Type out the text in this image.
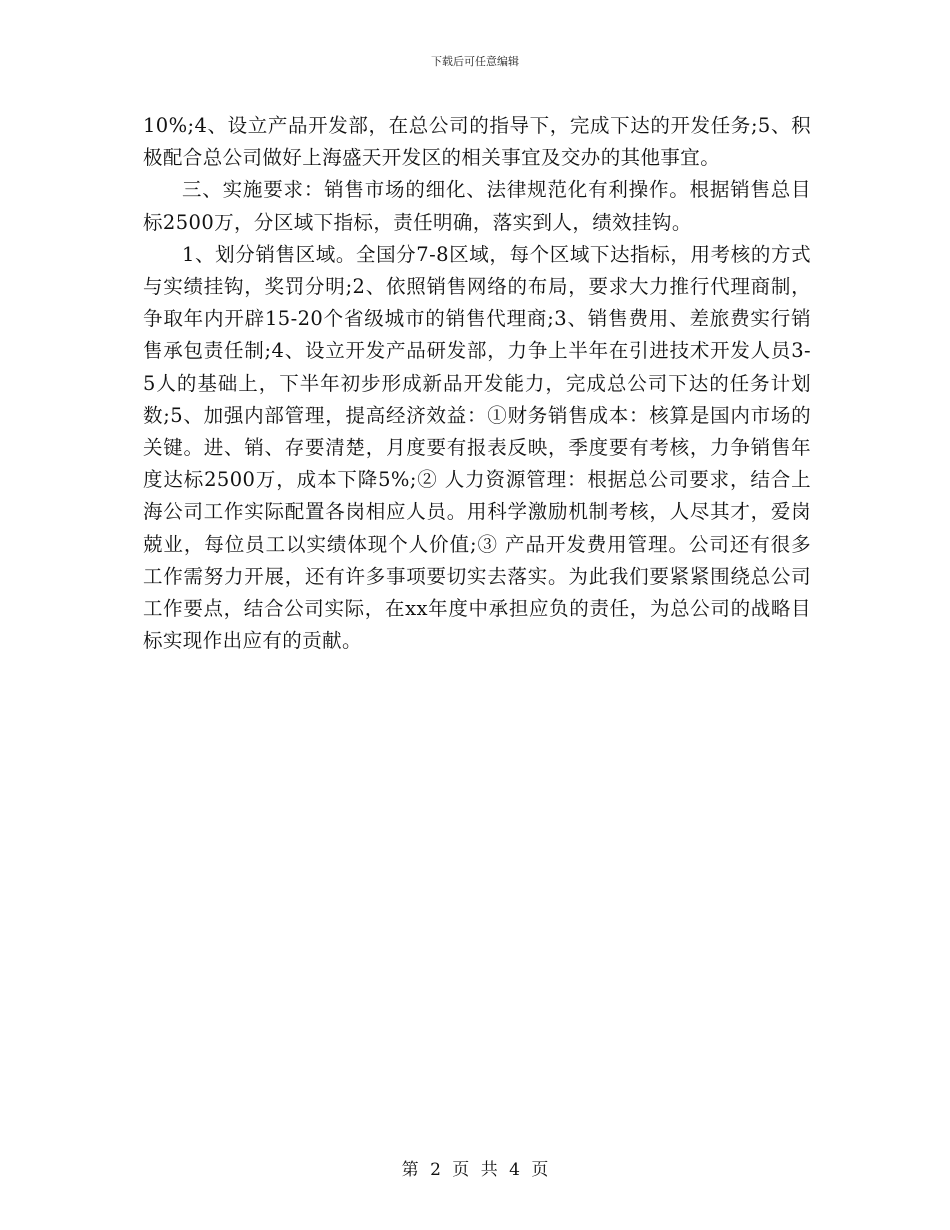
下载后可任意编辑

10%;4、设立产品开发部，在总公司的指导下，完成下达的开发任务;5、积极配合总公司做好上海盛天开发区的相关事宜及交办的其他事宜。

三、实施要求：销售市场的细化、法律规范化有利操作。根据销售总目标2500万，分区域下指标，责任明确，落实到人，绩效挂钩。

1、划分销售区域。全国分7-8区域，每个区域下达指标，用考核的方式与实绩挂钩，奖罚分明;2、依照销售网络的布局，要求大力推行代理商制，争取年内开辟15-20个省级城市的销售代理商;3、销售费用、差旅费实行销售承包责任制;4、设立开发产品研发部，力争上半年在引进技术开发人员3-5人的基础上，下半年初步形成新品开发能力，完成总公司下达的任务计划数;5、加强内部管理，提高经济效益：①财务销售成本：核算是国内市场的关键。进、销、存要清楚，月度要有报表反映，季度要有考核，力争销售年度达标2500万，成本下降5%;② 人力资源管理：根据总公司要求，结合上海公司工作实际配置各岗相应人员。用科学激励机制考核，人尽其才，爱岗兢业，每位员工以实绩体现个人价值;③ 产品开发费用管理。公司还有很多工作需努力开展，还有许多事项要切实去落实。为此我们要紧紧围绕总公司工作要点，结合公司实际，在xx年度中承担应负的责任，为总公司的战略目标实现作出应有的贡献。

第 2 页 共 4 页
